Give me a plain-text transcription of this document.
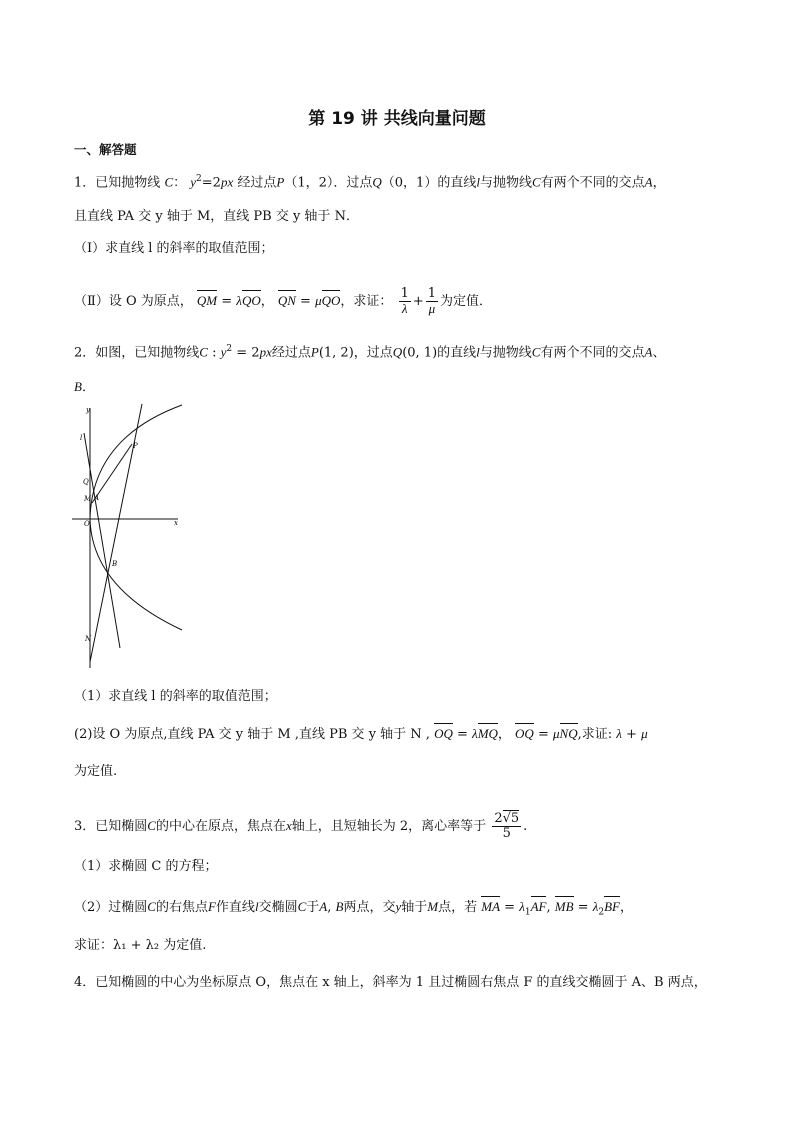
第 19 讲 共线向量问题
一、解答题
1．已知抛物线 C： $y^2=2px$ 经过点P（1，2）．过点Q（0，1）的直线l与抛物线C有两个不同的交点A，
且直线 PA 交 y 轴于 M，直线 PB 交 y 轴于 N．
（Ⅰ）求直线 l 的斜率的取值范围；
（Ⅱ）设 O 为原点， QM = λQO， QN = μQO，求证： $\frac{1}{\lambda} + \frac{1}{\mu}$ 为定值．
2．如图，已知抛物线C : $y^2 = 2px$经过点P(1, 2)，过点Q(0, 1)的直线l与抛物线C有两个不同的交点A、
B．
y
x
l
P
Q
M A
O
B
N
（1）求直线 l 的斜率的取值范围；
(2)设 O 为原点,直线 PA 交 y 轴于 M ,直线 PB 交 y 轴于 N , OQ = λMQ， OQ = μNQ,求证: λ + μ
为定值.
3．已知椭圆C的中心在原点，焦点在x轴上，且短轴长为 2，离心率等于 $\frac{2√5}{5}$ .
（1）求椭圆 C 的方程；
（2）过椭圆C的右焦点F作直线l交椭圆C于A, B两点，交y轴于M点，若 MA = $\lambda_1AF$, MB = $\lambda_2BF$，
求证：λ₁ + λ₂ 为定值.
4．已知椭圆的中心为坐标原点 O，焦点在 x 轴上，斜率为 1 且过椭圆右焦点 F 的直线交椭圆于 A、B 两点，
